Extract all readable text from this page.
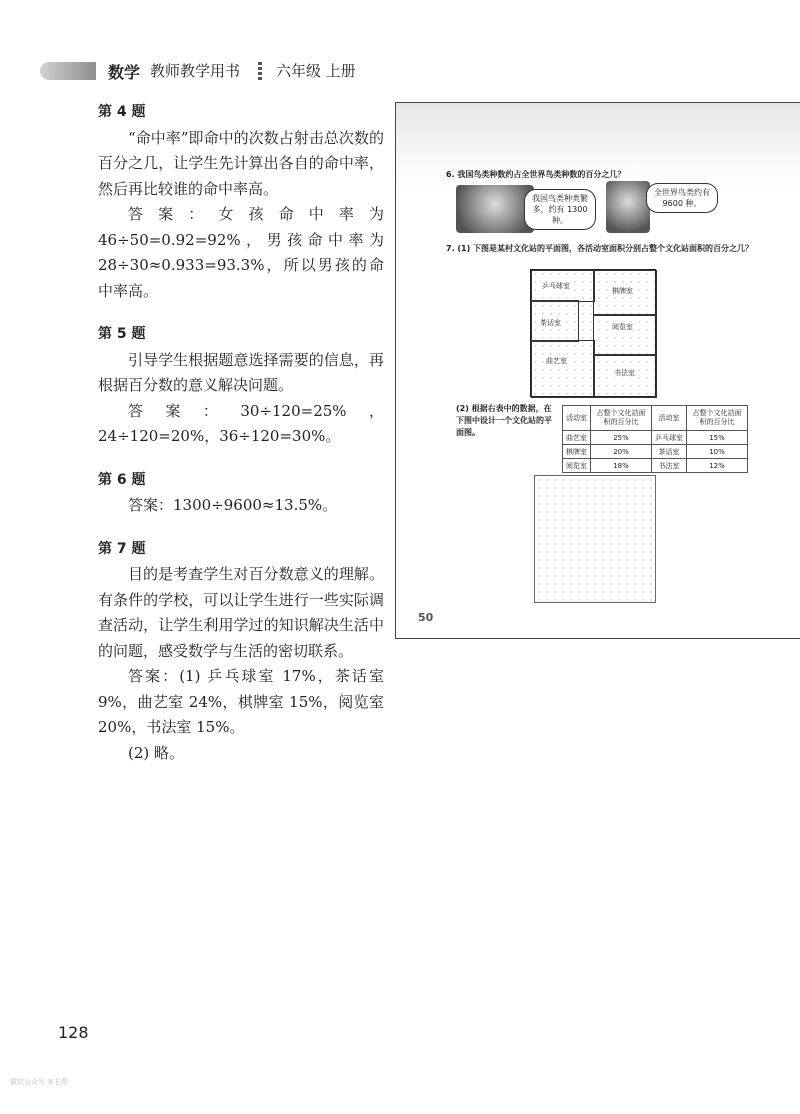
数学 教师教学用书 六年级 上册
第 4 题

“命中率”即命中的次数占射击总次数的百分之几，让学生先计算出各自的命中率，然后再比较谁的命中率高。

答案：女孩命中率为 46÷50=0.92=92%，男孩命中率为 28÷30≈0.933=93.3%，所以男孩的命中率高。

第 5 题

引导学生根据题意选择需要的信息，再根据百分数的意义解决问题。

答案：30÷120=25%，24÷120=20%，36÷120=30%。

第 6 题

答案：1300÷9600≈13.5%。

第 7 题

目的是考查学生对百分数意义的理解。有条件的学校，可以让学生进行一些实际调查活动，让学生利用学过的知识解决生活中的问题，感受数学与生活的密切联系。

答案：(1) 乒乓球室 17%，茶话室 9%，曲艺室 24%，棋牌室 15%，阅览室 20%，书法室 15%。

(2) 略。

6. 我国鸟类种数约占全世界鸟类种数的百分之几？
我国鸟类种类繁多，约有 1300 种。
全世界鸟类约有 9600 种。
7. (1) 下图是某村文化站的平面图，各活动室面积分别占整个文化站面积的百分之几？
乒乓球室
棋牌室
茶话室	阅览室
曲艺室
书法室
(2) 根据右表中的数据，在下图中设计一个文化站的平面图。
活动室	占整个文化站面积的百分比	活动室	占整个文化站面积的百分比
曲艺室	25%	乒乓球室	15%
棋牌室	20%	茶话室	10%
阅览室	18%	书法室	12%
50
128
微信公众号 家长帮
